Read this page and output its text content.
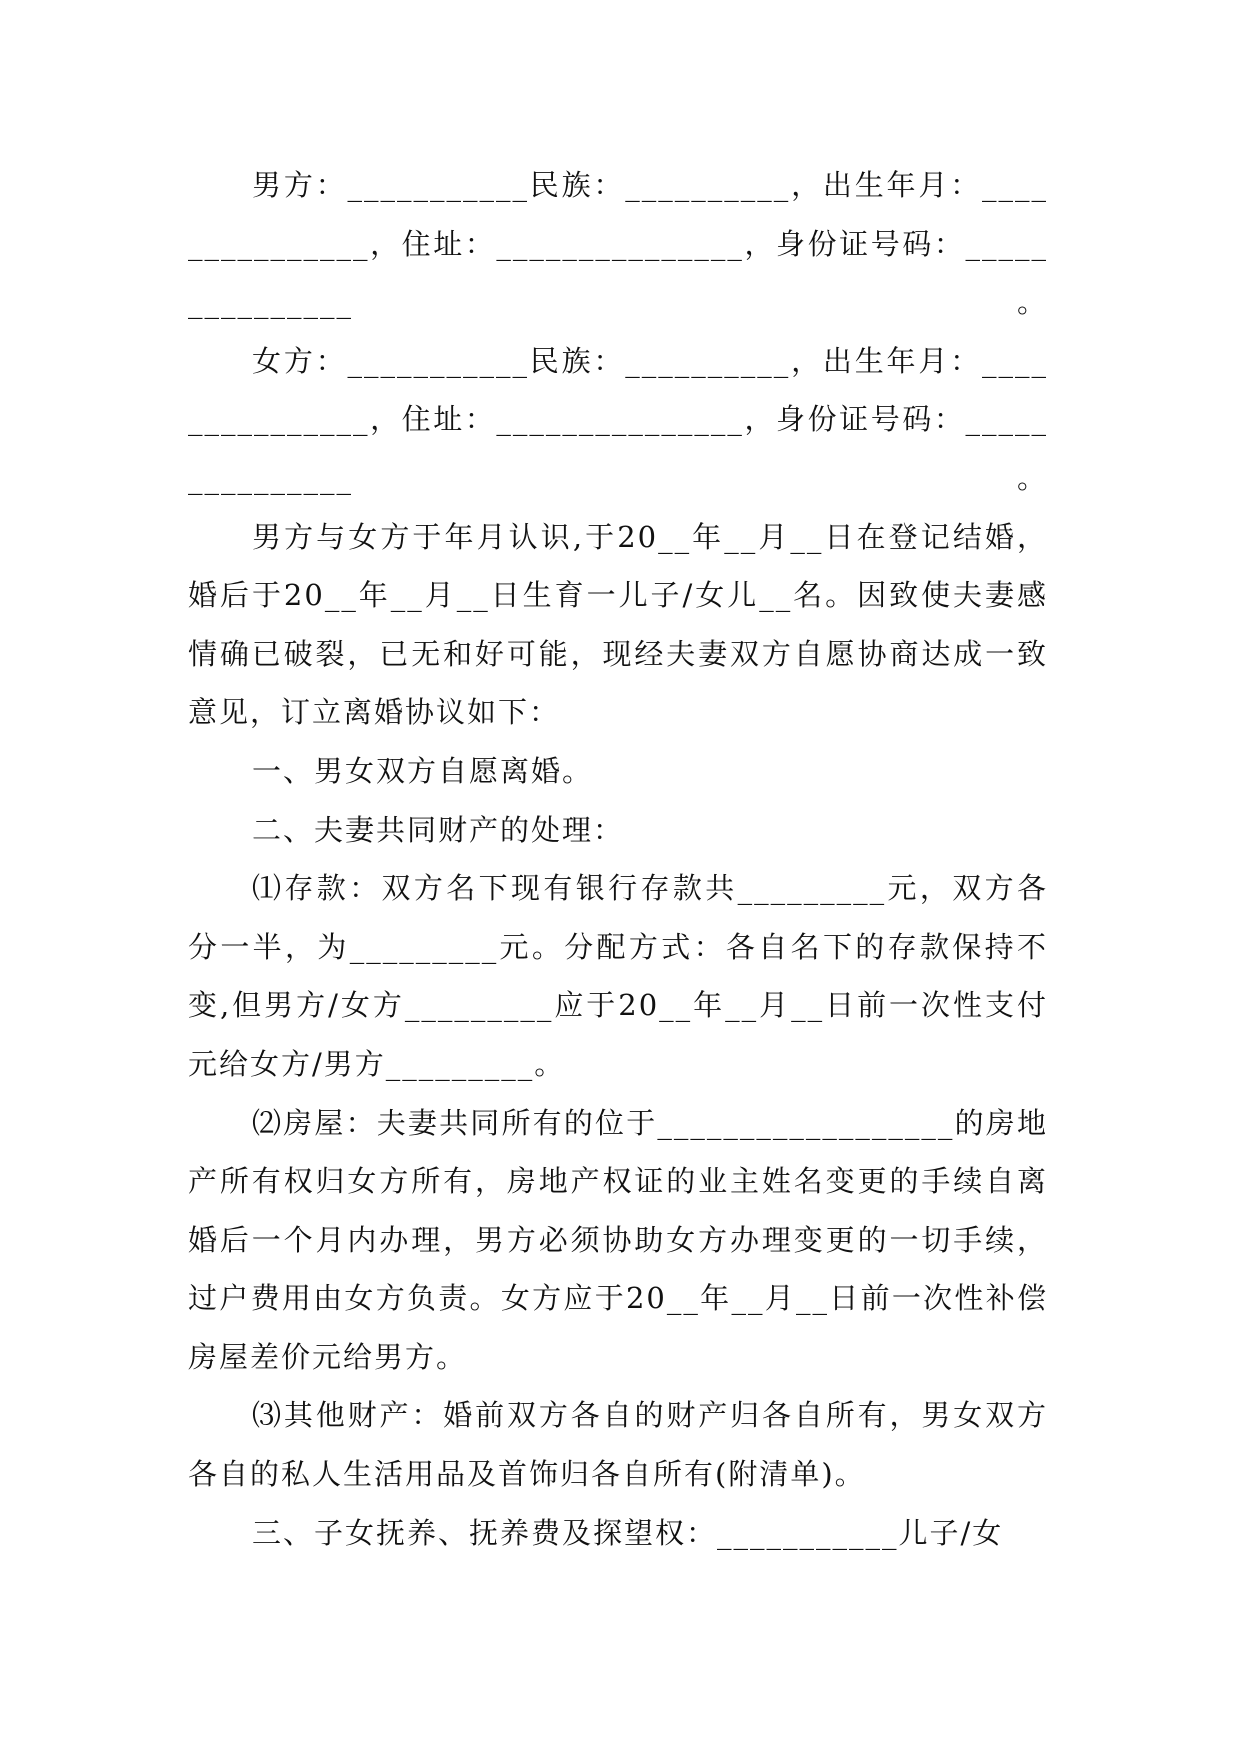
男方：___________民族：__________，出生年月：_______________，住址：_______________，身份证号码：_______________。

女方：___________民族：__________，出生年月：_______________，住址：_______________，身份证号码：_______________。

男方与女方于年月认识,于20__年__月__日在登记结婚，婚后于20__年__月__日生育一儿子/女儿__名。因致使夫妻感情确已破裂，已无和好可能，现经夫妻双方自愿协商达成一致意见，订立离婚协议如下：

一、男女双方自愿离婚。

二、夫妻共同财产的处理：

⑴存款：双方名下现有银行存款共_________元，双方各分一半，为_________元。分配方式：各自名下的存款保持不变,但男方/女方_________应于20__年__月__日前一次性支付元给女方/男方_________。

⑵房屋：夫妻共同所有的位于__________________的房地产所有权归女方所有，房地产权证的业主姓名变更的手续自离婚后一个月内办理，男方必须协助女方办理变更的一切手续，过户费用由女方负责。女方应于20__年__月__日前一次性补偿房屋差价元给男方。

⑶其他财产：婚前双方各自的财产归各自所有，男女双方各自的私人生活用品及首饰归各自所有(附清单)。

三、子女抚养、抚养费及探望权：___________儿子/女
